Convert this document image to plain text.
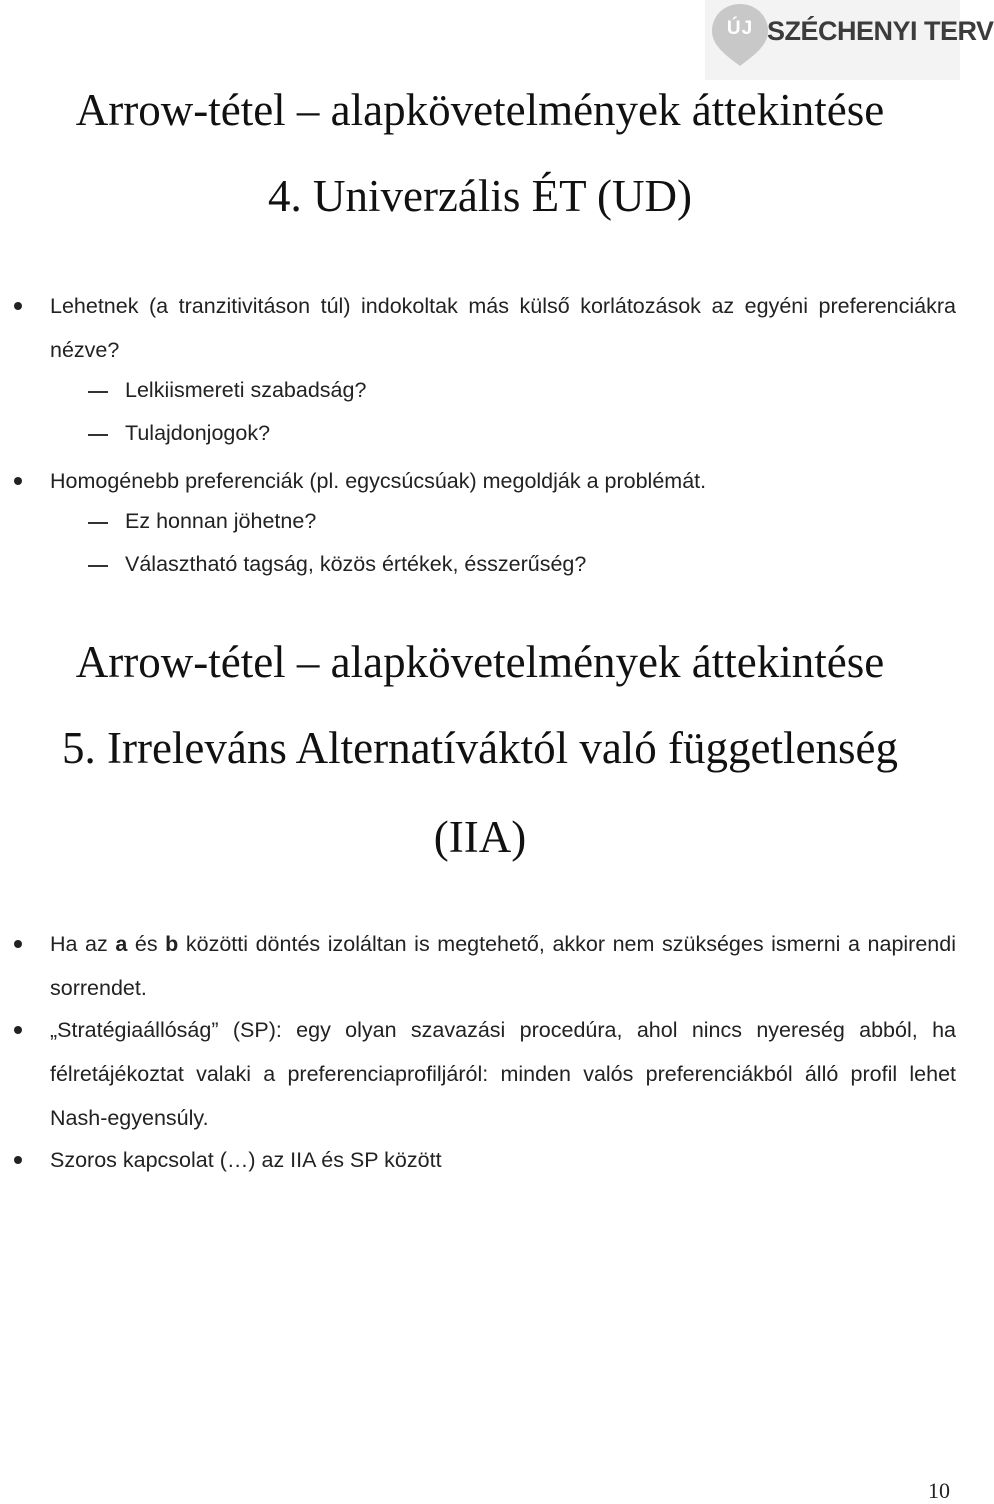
ÚJ SZÉCHENYI TERV
Arrow-tétel – alapkövetelmények áttekintése
4. Univerzális ÉT (UD)
Lehetnek (a tranzitivitáson túl) indokoltak más külső korlátozások az egyéni preferenciákra nézve?
Lelkiismereti szabadság?
Tulajdonjogok?
Homogénebb preferenciák (pl. egycsúcsúak) megoldják a problémát.
Ez honnan jöhetne?
Választható tagság, közös értékek, ésszerűség?
Arrow-tétel – alapkövetelmények áttekintése
5. Irreleváns Alternatíváktól való függetlenség
(IIA)
Ha az a és b közötti döntés izoláltan is megtehető, akkor nem szükséges ismerni a napirendi sorrendet.
„Stratégiaállóság” (SP): egy olyan szavazási procedúra, ahol nincs nyereség abból, ha félretájékoztat valaki a preferenciaprofiljáról: minden valós preferenciákból álló profil lehet Nash-egyensúly.
Szoros kapcsolat (…) az IIA és SP között
10
